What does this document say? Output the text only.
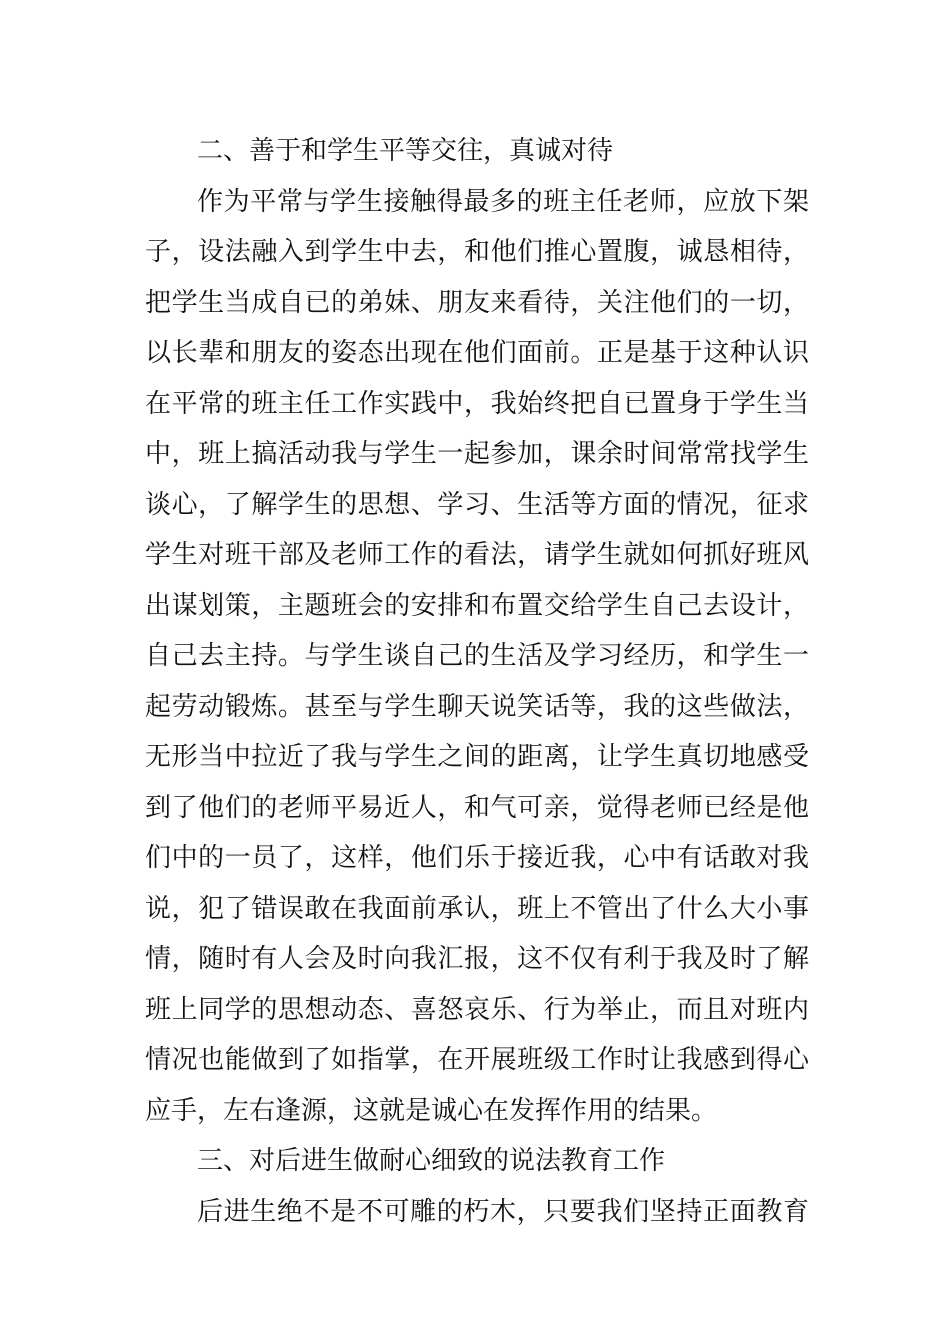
二、善于和学生平等交往，真诚对待
作为平常与学生接触得最多的班主任老师，应放下架
子，设法融入到学生中去，和他们推心置腹，诚恳相待，
把学生当成自已的弟妹、朋友来看待，关注他们的一切，
以长辈和朋友的姿态出现在他们面前。正是基于这种认识
在平常的班主任工作实践中，我始终把自已置身于学生当
中，班上搞活动我与学生一起参加，课余时间常常找学生
谈心，了解学生的思想、学习、生活等方面的情况，征求
学生对班干部及老师工作的看法，请学生就如何抓好班风
出谋划策，主题班会的安排和布置交给学生自己去设计，
自己去主持。与学生谈自己的生活及学习经历，和学生一
起劳动锻炼。甚至与学生聊天说笑话等，我的这些做法，
无形当中拉近了我与学生之间的距离，让学生真切地感受
到了他们的老师平易近人，和气可亲，觉得老师已经是他
们中的一员了，这样，他们乐于接近我，心中有话敢对我
说，犯了错误敢在我面前承认，班上不管出了什么大小事
情，随时有人会及时向我汇报，这不仅有利于我及时了解
班上同学的思想动态、喜怒哀乐、行为举止，而且对班内
情况也能做到了如指掌，在开展班级工作时让我感到得心
应手，左右逢源，这就是诚心在发挥作用的结果。
三、对后进生做耐心细致的说法教育工作
后进生绝不是不可雕的朽木，只要我们坚持正面教育
